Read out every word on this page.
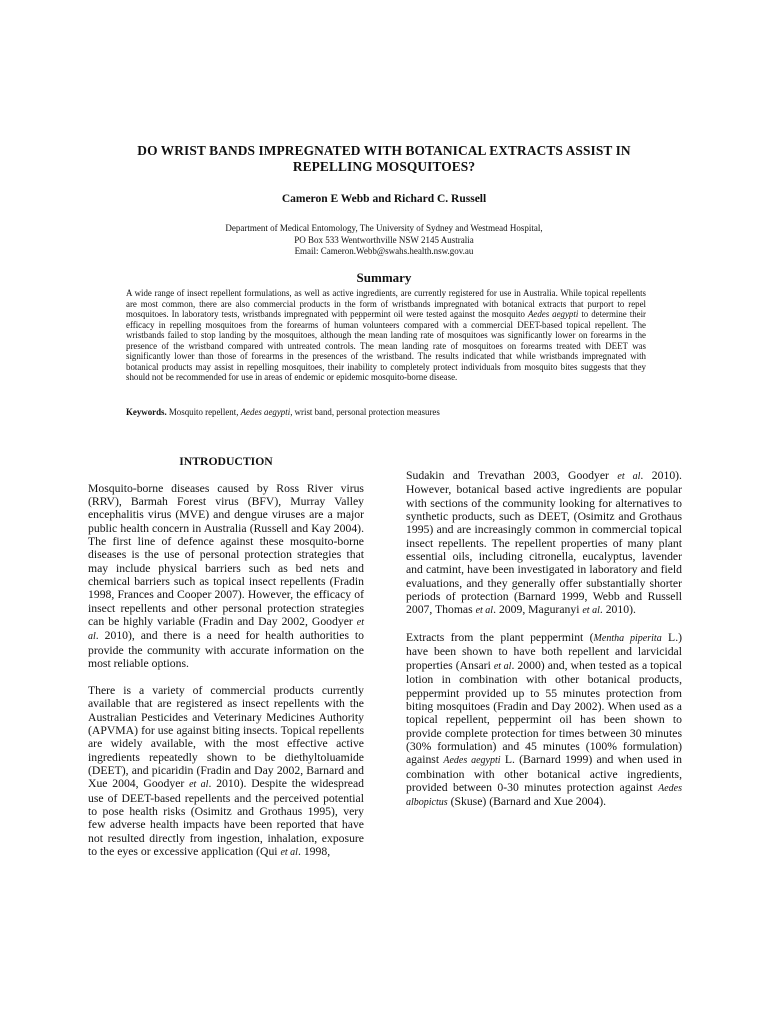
DO WRIST BANDS IMPREGNATED WITH BOTANICAL EXTRACTS ASSIST IN
REPELLING MOSQUITOES?
Cameron E Webb and Richard C. Russell
Department of Medical Entomology, The University of Sydney and Westmead Hospital,
PO Box 533 Wentworthville NSW 2145 Australia
Email: Cameron.Webb@swahs.health.nsw.gov.au
Summary
A wide range of insect repellent formulations, as well as active ingredients, are currently registered for use in Australia. While topical repellents are most common, there are also commercial products in the form of wristbands impregnated with botanical extracts that purport to repel mosquitoes. In laboratory tests, wristbands impregnated with peppermint oil were tested against the mosquito Aedes aegypti to determine their efficacy in repelling mosquitoes from the forearms of human volunteers compared with a commercial DEET-based topical repellent. The wristbands failed to stop landing by the mosquitoes, although the mean landing rate of mosquitoes was significantly lower on forearms in the presence of the wristband compared with untreated controls. The mean landing rate of mosquitoes on forearms treated with DEET was significantly lower than those of forearms in the presences of the wristband. The results indicated that while wristbands impregnated with botanical products may assist in repelling mosquitoes, their inability to completely protect individuals from mosquito bites suggests that they should not be recommended for use in areas of endemic or epidemic mosquito-borne disease.
Keywords. Mosquito repellent, Aedes aegypti, wrist band, personal protection measures

INTRODUCTION

Mosquito-borne diseases caused by Ross River virus (RRV), Barmah Forest virus (BFV), Murray Valley encephalitis virus (MVE) and dengue viruses are a major public health concern in Australia (Russell and Kay 2004). The first line of defence against these mosquito-borne diseases is the use of personal protection strategies that may include physical barriers such as bed nets and chemical barriers such as topical insect repellents (Fradin 1998, Frances and Cooper 2007). However, the efficacy of insect repellents and other personal protection strategies can be highly variable (Fradin and Day 2002, Goodyer et al. 2010), and there is a need for health authorities to provide the community with accurate information on the most reliable options.

There is a variety of commercial products currently available that are registered as insect repellents with the Australian Pesticides and Veterinary Medicines Authority (APVMA) for use against biting insects. Topical repellents are widely available, with the most effective active ingredients repeatedly shown to be diethyltoluamide (DEET), and picaridin (Fradin and Day 2002, Barnard and Xue 2004, Goodyer et al. 2010). Despite the widespread use of DEET-based repellents and the perceived potential to pose health risks (Osimitz and Grothaus 1995), very few adverse health impacts have been reported that have not resulted directly from ingestion, inhalation, exposure to the eyes or excessive application (Qui et al. 1998,

Sudakin and Trevathan 2003, Goodyer et al. 2010). However, botanical based active ingredients are popular with sections of the community looking for alternatives to synthetic products, such as DEET, (Osimitz and Grothaus 1995) and are increasingly common in commercial topical insect repellents. The repellent properties of many plant essential oils, including citronella, eucalyptus, lavender and catmint, have been investigated in laboratory and field evaluations, and they generally offer substantially shorter periods of protection (Barnard 1999, Webb and Russell 2007, Thomas et al. 2009, Maguranyi et al. 2010).

Extracts from the plant peppermint (Mentha piperita L.) have been shown to have both repellent and larvicidal properties (Ansari et al. 2000) and, when tested as a topical lotion in combination with other botanical products, peppermint provided up to 55 minutes protection from biting mosquitoes (Fradin and Day 2002). When used as a topical repellent, peppermint oil has been shown to provide complete protection for times between 30 minutes (30% formulation) and 45 minutes (100% formulation) against Aedes aegypti L. (Barnard 1999) and when used in combination with other botanical active ingredients, provided between 0-30 minutes protection against Aedes albopictus (Skuse) (Barnard and Xue 2004).
